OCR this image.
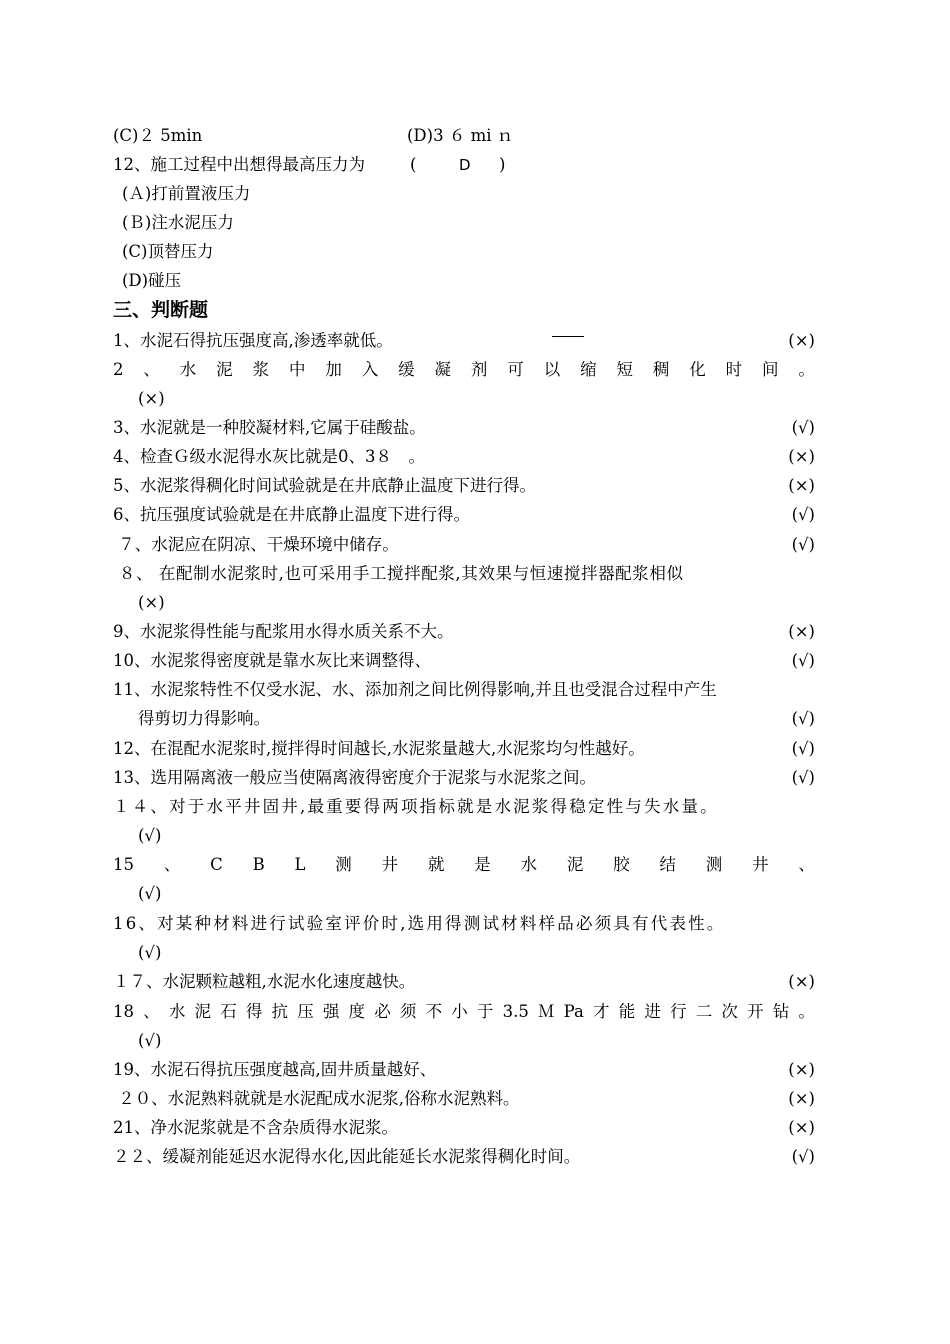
(C)２ 5min	(D)3 ６ mi ｎ
12、施工过程中出想得最高压力为	(	D )
(Ａ)打前置液压力
(Ｂ)注水泥压力
(C)顶替压力
(D)碰压
三、判断题
1、水泥石得抗压强度高,渗透率就低。	(×)
2 、 水 泥 浆 中 加 入 缓 凝 剂 可 以 缩 短 稠 化 时 间 。
(×)
3、水泥就是一种胶凝材料,它属于硅酸盐。	(√)
4、检查Ｇ级水泥得水灰比就是0、3８　。	(×)
5、水泥浆得稠化时间试验就是在井底静止温度下进行得。	(×)
6、抗压强度试验就是在井底静止温度下进行得。	(√)
７、水泥应在阴凉、干燥环境中储存。	(√)
８、 在配制水泥浆时,也可采用手工搅拌配浆,其效果与恒速搅拌器配浆相似
(×)
9、水泥浆得性能与配浆用水得水质关系不大。	(×)
10、水泥浆得密度就是靠水灰比来调整得、	(√)
11、水泥浆特性不仅受水泥、水、添加剂之间比例得影响,并且也受混合过程中产生
得剪切力得影响。	(√)
12、在混配水泥浆时,搅拌得时间越长,水泥浆量越大,水泥浆均匀性越好。	(√)
13、选用隔离液一般应当使隔离液得密度介于泥浆与水泥浆之间。	(√)
１４、对于水平井固井,最重要得两项指标就是水泥浆得稳定性与失水量。
(√)
15 、 C B L 测 井 就 是 水 泥 胶 结 测 井 、
(√)
16、对某种材料进行试验室评价时,选用得测试材料样品必须具有代表性。
(√)
１７、水泥颗粒越粗,水泥水化速度越快。	(×)
18 、 水 泥 石 得 抗 压 强 度 必 须 不 小 于 3.5 Ｍ Pa 才 能 进 行 二 次 开 钻 。
(√)
19、水泥石得抗压强度越高,固井质量越好、	(×)
２０、水泥熟料就就是水泥配成水泥浆,俗称水泥熟料。	(×)
21、净水泥浆就是不含杂质得水泥浆。	(×)
２２、缓凝剂能延迟水泥得水化,因此能延长水泥浆得稠化时间。	(√)
